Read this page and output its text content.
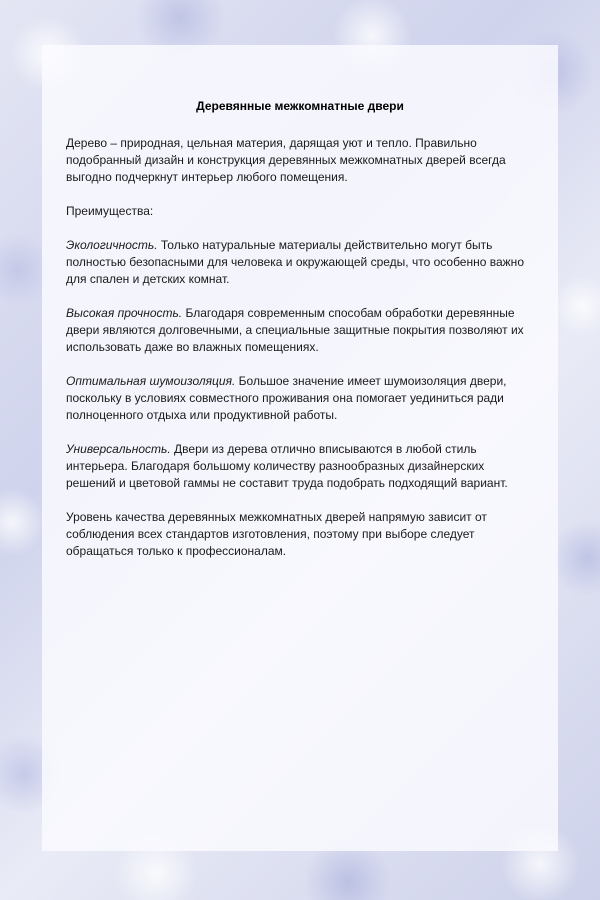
Деревянные межкомнатные двери

Дерево – природная, цельная материя, дарящая уют и тепло. Правильно подобранный дизайн и конструкция деревянных межкомнатных дверей всегда выгодно подчеркнут интерьер любого помещения.

Преимущества:

Экологичность. Только натуральные материалы действительно могут быть полностью безопасными для человека и окружающей среды, что особенно важно для спален и детских комнат.

Высокая прочность. Благодаря современным способам обработки деревянные двери являются долговечными, а специальные защитные покрытия позволяют их использовать даже во влажных помещениях.

Оптимальная шумоизоляция. Большое значение имеет шумоизоляция двери, поскольку в условиях совместного проживания она помогает уединиться ради полноценного отдыха или продуктивной работы.

Универсальность. Двери из дерева отлично вписываются в любой стиль интерьера. Благодаря большому количеству разнообразных дизайнерских решений и цветовой гаммы не составит труда подобрать подходящий вариант.

Уровень качества деревянных межкомнатных дверей напрямую зависит от соблюдения всех стандартов изготовления, поэтому при выборе следует обращаться только к профессионалам.
